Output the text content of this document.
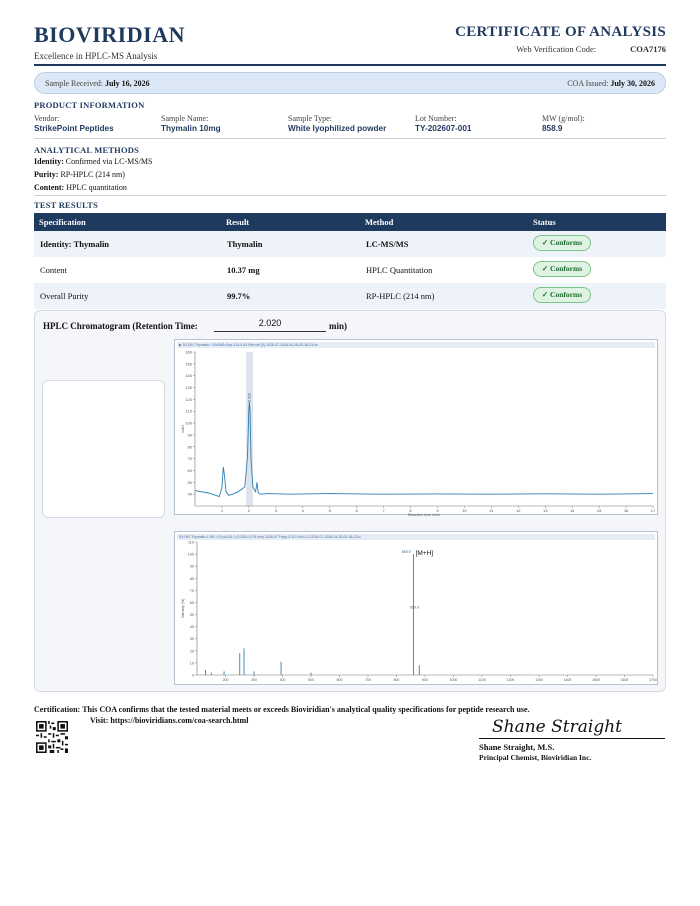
BIOVIRIDIAN
Excellence in HPLC-MS Analysis
CERTIFICATE OF ANALYSIS
Web Verification Code:	COA7176
Sample Received: July 16, 2026	COA Issued: July 30, 2026
PRODUCT INFORMATION
Vendor:
StrikePoint Peptides
Sample Name:
Thymalin 10mg
Sample Type:
White lyophilized powder
Lot Number:
TY-202607-001
MW (g/mol):
858.9
ANALYTICAL METHODS
Identity: Confirmed via LC-MS/MS
Purity: RP-HPLC (214 nm)
Content: HPLC quantitation
TEST RESULTS
Specification	Result	Method	Status
Identity: Thymalin	Thymalin	LC-MS/MS	✓ Conforms
Content	10.37 mg	HPLC Quantitation	✓ Conforms
Overall Purity	99.7%	RP-HPLC (214 nm)	✓ Conforms
HPLC Chromatogram (Retention Time:	2.020	min)
▶ S4-051 Thymalin / 10x2MA-Sep-214.0 A3 Ref=off (S) 2026-07-2026-04-25-00-38-23.dx
40
50
60
70
80
90
100
110
120
130
140
150
160
1	2	3	4	5	6	7	8	9	10	11	12	13	14	15	16	17
Retention time (min)
mAU
2.020
S4-051 Thymalin-1 MS / 10 pA-S4-1 (0.026-0.075 min) 2026-07 Frag=175.0 Vol=1.0 2026-07-2026-04-25-00-38-23.d
0
10
20
30
40
50
60
70
80
90
100
110
200	300	400	500	600	700	800	900	1000	1100	1200	1300	1400	1500	1600	1700
Intensity (%)
859.9 [M+H]
859.9
Certification: This COA confirms that the tested material meets or exceeds Bioviridian's analytical quality specifications for peptide research use.
Visit: https://bioviridians.com/coa-search.html	Shane Straight
Shane Straight, M.S.
Principal Chemist, Bioviridian Inc.
